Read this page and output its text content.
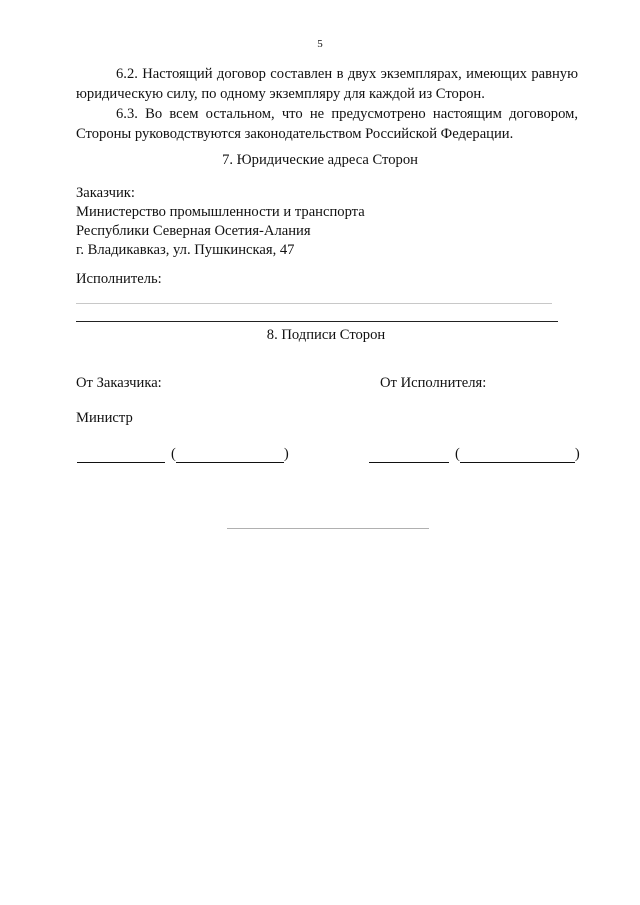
5

6.2. Настоящий договор составлен в двух экземплярах, имеющих равную юридическую силу, по одному экземпляру для каждой из Сторон.

6.3. Во всем остальном, что не предусмотрено настоящим договором, Стороны руководствуются законодательством Российской Федерации.

7. Юридические адреса Сторон
Заказчик:
Министерство промышленности и транспорта
Республики Северная Осетия-Алания
г. Владикавказ, ул. Пушкинская, 47
Исполнитель:
8. Подписи Сторон
От Заказчика:	От Исполнителя:
Министр
(	)	(	)
